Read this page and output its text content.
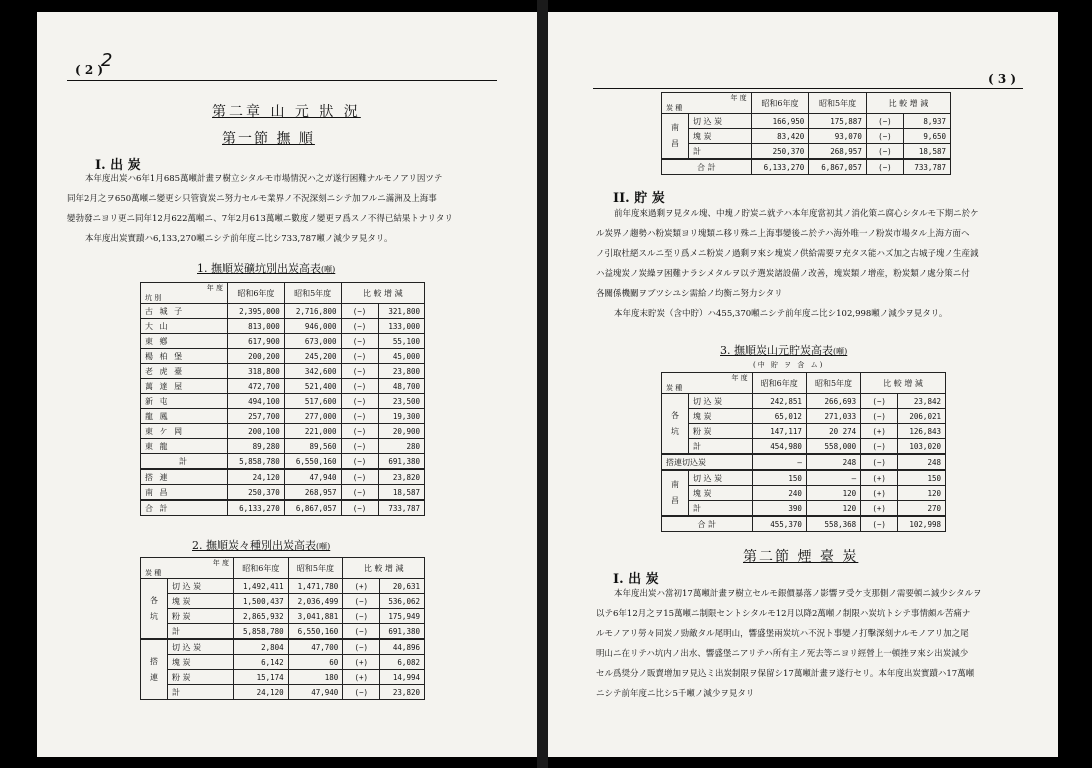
( 2 )
2
第二章 山 元 狀 況
第一節 撫 順
I. 出 炭
本年度出炭ハ6年1月685萬噸計畫ヲ樹立シタルモ市場情況ハ之ガ遂行困難ナルモノアリ因ツテ
同年2月之ヲ650萬噸ニ變更シ只管資炭ニ努力セルモ業界ノ不況深刻ニシテ加フルニ滿洲及上海事
變勃發ニヨリ更ニ同年12月622萬噸ニ、7年2月613萬噸ニ數度ノ變更ヲ爲スノ不得已結果トナリタリ
本年度出炭實蹟ハ6,133,270噸ニシテ前年度ニ比シ733,787噸ノ減少ヲ見タリ。
1. 撫順炭礦坑別出炭高表(噸)
年 度
坑 別	昭和6年度	昭和5年度	比 較 增 減	
古 城 子	2,395,000	2,716,800	(−)	321,800
大 山	813,000	946,000	(−)	133,000
東 鄕	617,900	673,000	(−)	55,100
楊 柏 堡	200,200	245,200	(−)	45,000
老 虎 臺	318,800	342,600	(−)	23,800
萬 達 屋	472,700	521,400	(−)	48,700
新 屯	494,100	517,600	(−)	23,500
龍 鳳	257,700	277,000	(−)	19,300
東 ケ 岡	200,100	221,000	(−)	20,900
東 龍	89,280	89,560	(−)	280
計	5,858,780	6,550,160	(−)	691,380
搭 連	24,120	47,940	(−)	23,820
南 昌	250,370	268,957	(−)	18,587
合 計	6,133,270	6,867,057	(−)	733,787
2. 撫順炭々種別出炭高表(噸)
年 度
炭 種		昭和6年度	昭和5年度	比 較 增 減	
各 坑	切 込 炭	1,492,411	1,471,780	(+)	20,631
	塊 炭	1,500,437	2,036,499	(−)	536,062
	粉 炭	2,865,932	3,041,881	(−)	175,949
	計	5,858,780	6,550,160	(−)	691,380
搭 連	切 込 炭	2,804	47,700	(−)	44,896
	塊 炭	6,142	60	(+)	6,082
	粉 炭	15,174	180	(+)	14,994
	計	24,120	47,940	(−)	23,820
( 3 )
年 度
炭 種		昭和6年度	昭和5年度	比 較 增 減	
南 昌	切 込 炭	166,950	175,887	(−)	8,937
	塊 炭	83,420	93,070	(−)	9,650
	計	250,370	268,957	(−)	18,587
合 計		6,133,270	6,867,057	(−)	733,787
II. 貯 炭
前年度來過剩ヲ見タル塊、中塊ノ貯炭ニ就テハ本年度當初其ノ消化策ニ腐心シタルモ下期ニ於ケ
ル炭界ノ趨勢ハ粉炭類ヨリ塊類ニ移リ殊ニ上海事變後ニ於テハ海外唯一ノ粉炭市場タル上海方面ヘ
ノ引取杜絕スルニ至リ爲メニ粉炭ノ過剩ヲ來シ塊炭ノ供給需要ヲ充タス能ハズ加之古城子塊ノ生産減
ハ益塊炭ノ炭繰ヲ困難ナラシメタルヲ以テ選炭諸設備ノ改善，塊炭類ノ增産，粉炭類ノ處分策ニ付
各關係機關ヲブツシユシ需給ノ均衡ニ努力シタリ
本年度末貯炭（含中貯）ハ455,370噸ニシテ前年度ニ比シ102,998噸ノ減少ヲ見タリ。
3. 撫順炭山元貯炭高表(噸)
(中 貯 ヲ 含 ム)
年 度
炭 種		昭和6年度	昭和5年度	比 較 增 減	
各 坑	切 込 炭	242,851	266,693	(−)	23,842
	塊 炭	65,012	271,033	(−)	206,021
	粉 炭	147,117	20 274	(+)	126,843
	計	454,980	558,000	(−)	103,020
搭連切込炭		—	248	(−)	248
南 昌	切 込 炭	150	—	(+)	150
	塊 炭	240	120	(+)	120
	計	390	120	(+)	270
合 計		455,370	558,368	(−)	102,998
第二節 煙 臺 炭
I. 出 炭
本年度出炭ハ當初17萬噸計畫ヲ樹立セルモ銀價暴落ノ影響ヲ受ケ支那側ノ需要頓ニ減少シタルヲ
以テ6年12月之ヲ15萬噸ニ制限セントシタルモ12月以降2萬噸ノ制限ハ炭坑トシテ事情頗ル苦痛ナ
ルモノアリ勞々同炭ノ勁敵タル尾明山，響盛堡兩炭坑ハ不況ト事變ノ打擊深刻ナルモノアリ加之尾
明山ニ在リテハ坑内ノ出水、響盛堡ニアリテハ所有主ノ死去等ニヨリ經營上一頓挫ヲ來シ出炭減少
セル爲奨分ノ販賣增加ヲ見込ミ出炭制限ヲ保留シ17萬噸計畫ヲ遂行セリ。本年度出炭實蹟ハ17萬噸
ニシテ前年度ニ比シ5千噸ノ減少ヲ見タリ
